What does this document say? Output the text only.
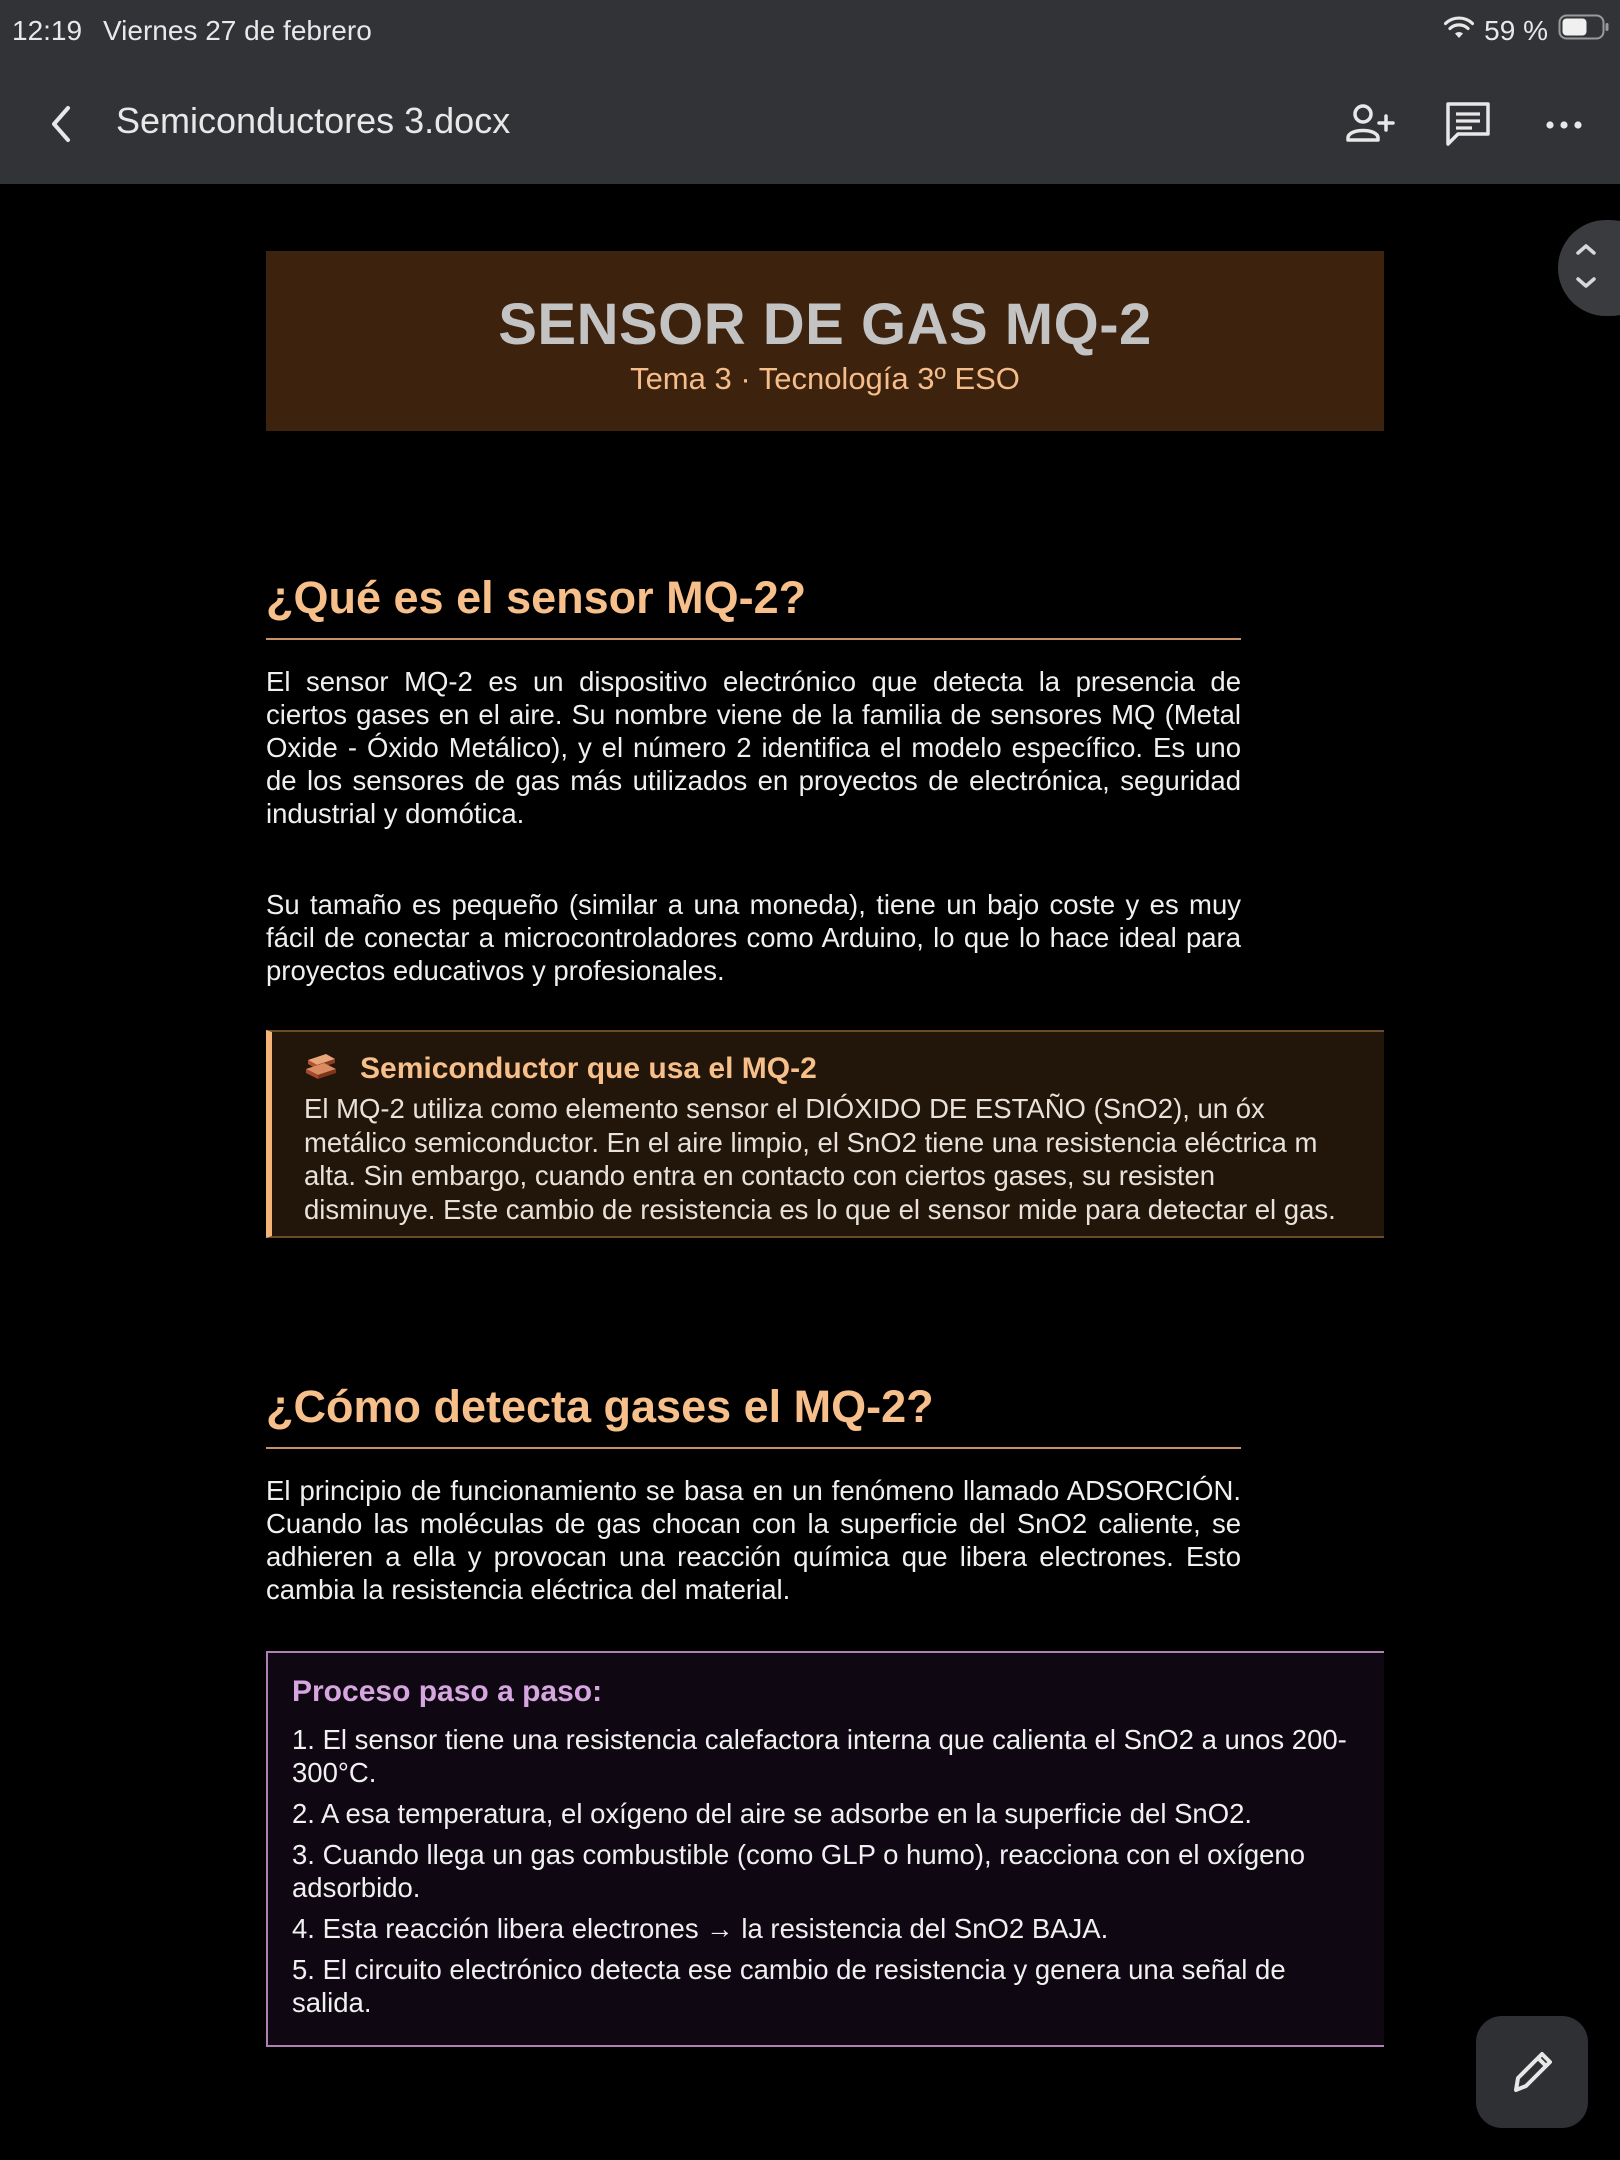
12:19 Viernes 27 de febrero	59 %
Semiconductores 3.docx
SENSOR DE GAS MQ-2
Tema 3 · Tecnología 3º ESO
¿Qué es el sensor MQ-2?
El sensor MQ-2 es un dispositivo electrónico que detecta la presencia de ciertos gases en el aire. Su nombre viene de la familia de sensores MQ (Metal Oxide - Óxido Metálico), y el número 2 identifica el modelo específico. Es uno de los sensores de gas más utilizados en proyectos de electrónica, seguridad industrial y domótica.
Su tamaño es pequeño (similar a una moneda), tiene un bajo coste y es muy fácil de conectar a microcontroladores como Arduino, lo que lo hace ideal para proyectos educativos y profesionales.
Semiconductor que usa el MQ-2
El MQ-2 utiliza como elemento sensor el DIÓXIDO DE ESTAÑO (SnO2), un óx
metálico semiconductor. En el aire limpio, el SnO2 tiene una resistencia eléctrica m
alta. Sin embargo, cuando entra en contacto con ciertos gases, su resisten
disminuye. Este cambio de resistencia es lo que el sensor mide para detectar el gas.
¿Cómo detecta gases el MQ-2?
El principio de funcionamiento se basa en un fenómeno llamado ADSORCIÓN. Cuando las moléculas de gas chocan con la superficie del SnO2 caliente, se adhieren a ella y provocan una reacción química que libera electrones. Esto cambia la resistencia eléctrica del material.
Proceso paso a paso:
1. El sensor tiene una resistencia calefactora interna que calienta el SnO2 a unos 200-300°C.
2. A esa temperatura, el oxígeno del aire se adsorbe en la superficie del SnO2.
3. Cuando llega un gas combustible (como GLP o humo), reacciona con el oxígeno adsorbido.
4. Esta reacción libera electrones → la resistencia del SnO2 BAJA.
5. El circuito electrónico detecta ese cambio de resistencia y genera una señal de salida.
